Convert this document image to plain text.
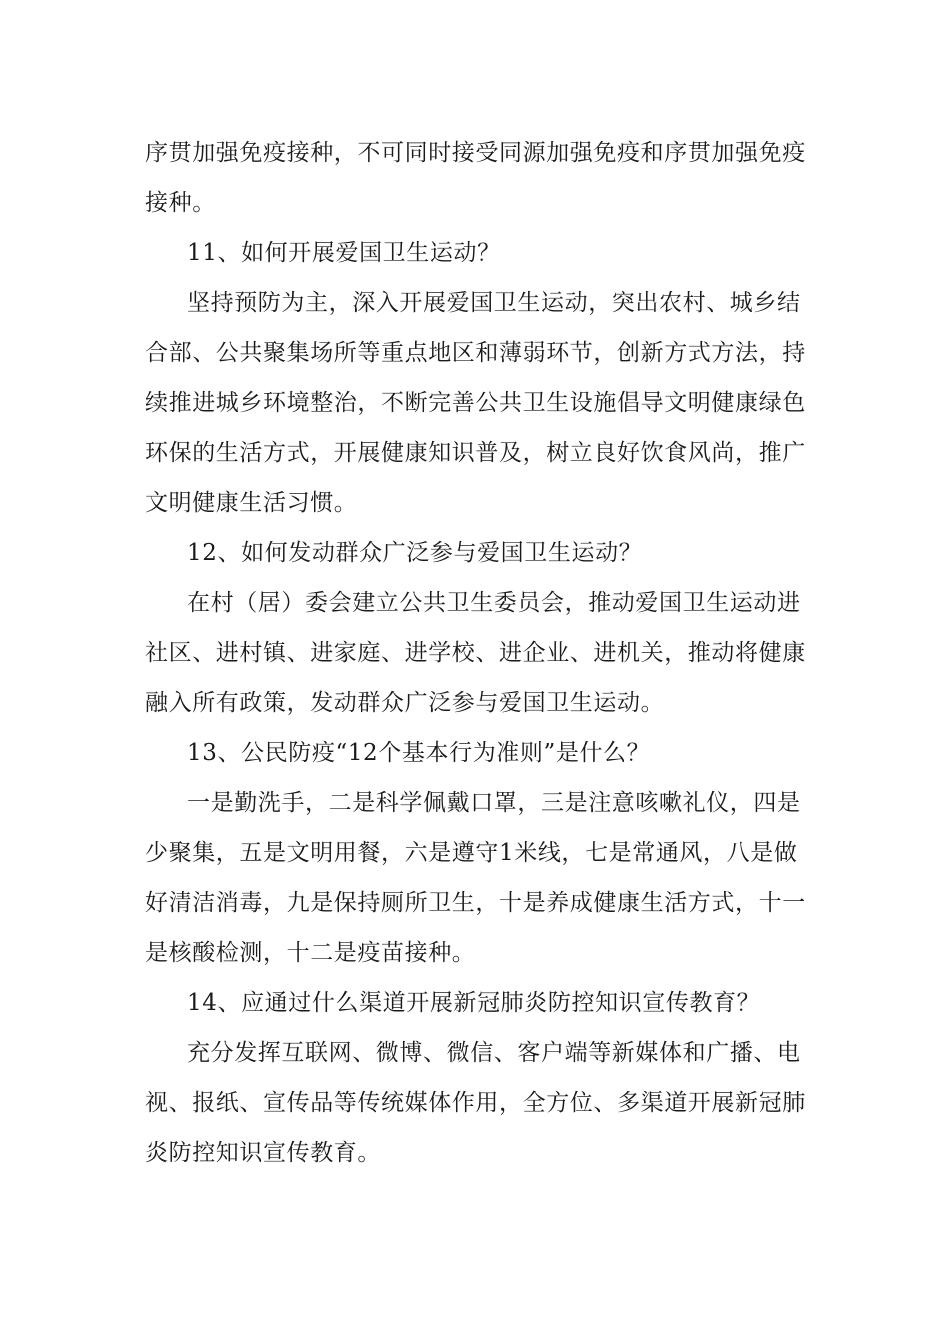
序贯加强免疫接种，不可同时接受同源加强免疫和序贯加强免疫接种。

11、如何开展爱国卫生运动？

坚持预防为主，深入开展爱国卫生运动，突出农村、城乡结合部、公共聚集场所等重点地区和薄弱环节，创新方式方法，持续推进城乡环境整治，不断完善公共卫生设施倡导文明健康绿色环保的生活方式，开展健康知识普及，树立良好饮食风尚，推广文明健康生活习惯。

12、如何发动群众广泛参与爱国卫生运动？

在村（居）委会建立公共卫生委员会，推动爱国卫生运动进社区、进村镇、进家庭、进学校、进企业、进机关，推动将健康融入所有政策，发动群众广泛参与爱国卫生运动。

13、公民防疫“12个基本行为准则”是什么？

一是勤洗手，二是科学佩戴口罩，三是注意咳嗽礼仪，四是少聚集，五是文明用餐，六是遵守1米线，七是常通风，八是做好清洁消毒，九是保持厕所卫生，十是养成健康生活方式，十一是核酸检测，十二是疫苗接种。

14、应通过什么渠道开展新冠肺炎防控知识宣传教育？

充分发挥互联网、微博、微信、客户端等新媒体和广播、电视、报纸、宣传品等传统媒体作用，全方位、多渠道开展新冠肺炎防控知识宣传教育。
